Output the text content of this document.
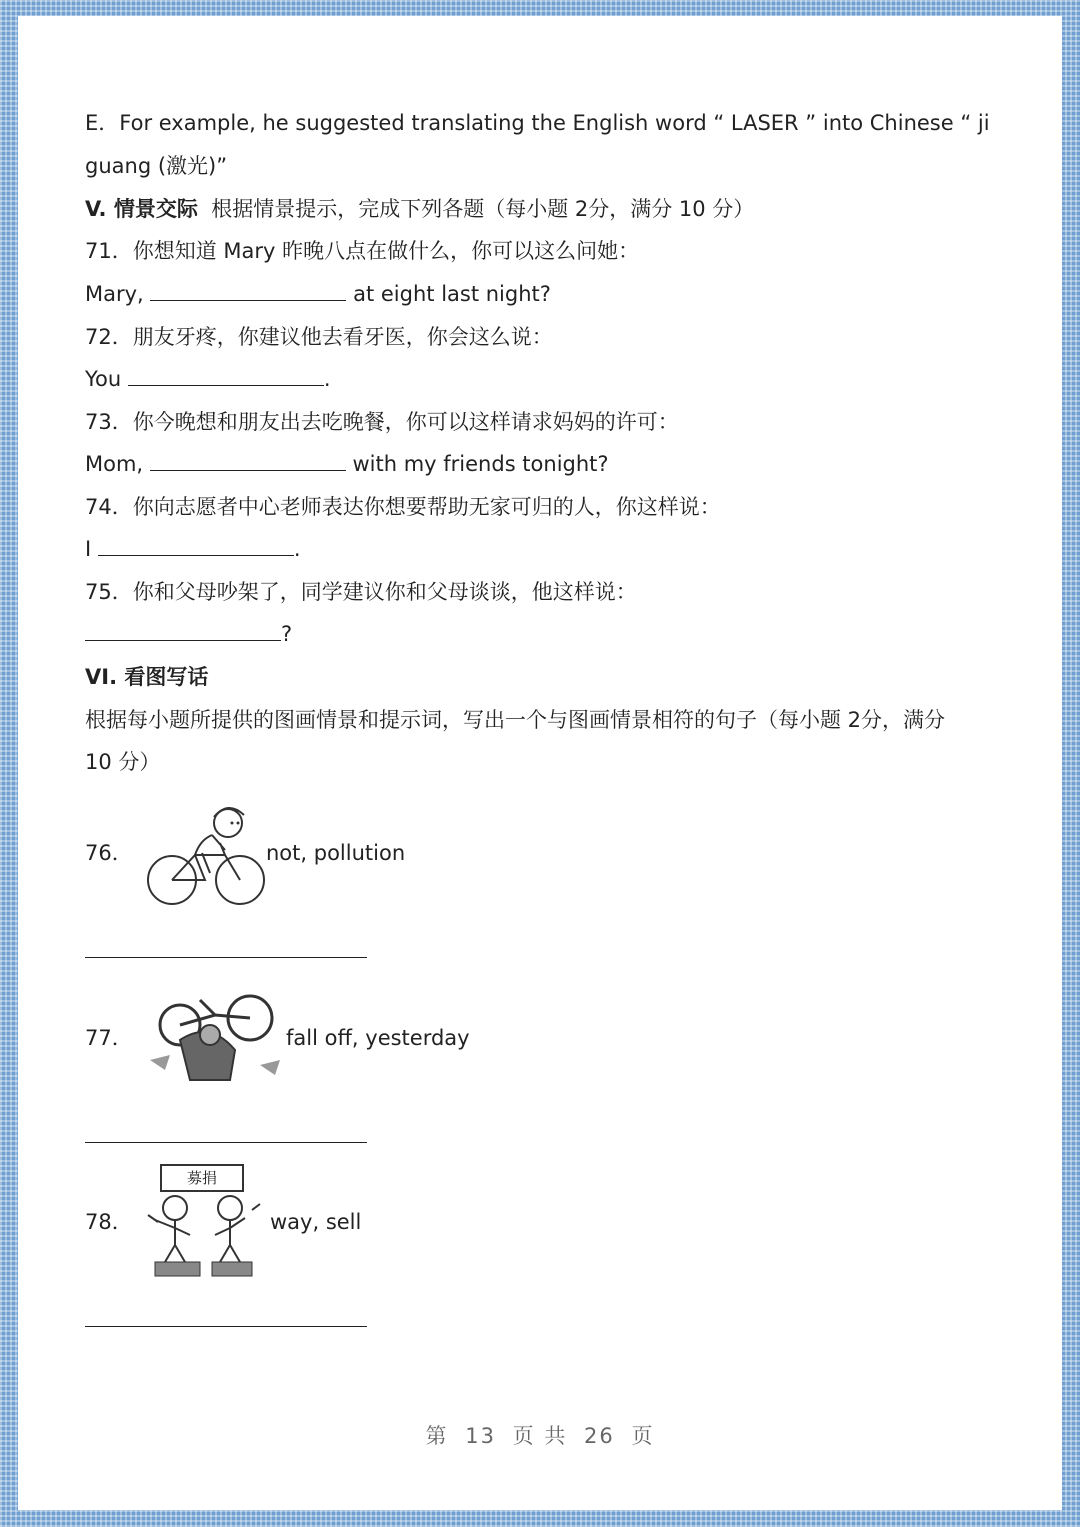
E．For example, he suggested translating the English word “ LASER ” into Chinese “ ji
guang (激光)”
V. 情景交际 根据情景提示，完成下列各题（每小题 2分，满分 10 分）
71．你想知道 Mary 昨晚八点在做什么，你可以这么问她：
Mary,	at eight last night?
72．朋友牙疼，你建议他去看牙医，你会这么说：
You	.
73．你今晚想和朋友出去吃晚餐，你可以这样请求妈妈的许可：
Mom,	with my friends tonight?
74．你向志愿者中心老师表达你想要帮助无家可归的人，你这样说：
I	.
75．你和父母吵架了，同学建议你和父母谈谈，他这样说：
?
VI. 看图写话
根据每小题所提供的图画情景和提示词，写出一个与图画情景相符的句子（每小题 2分，满分
10 分）
76．	not, pollution
77．	fall off, yesterday
78．
募捐
way, sell
第 13 页 共 26 页
